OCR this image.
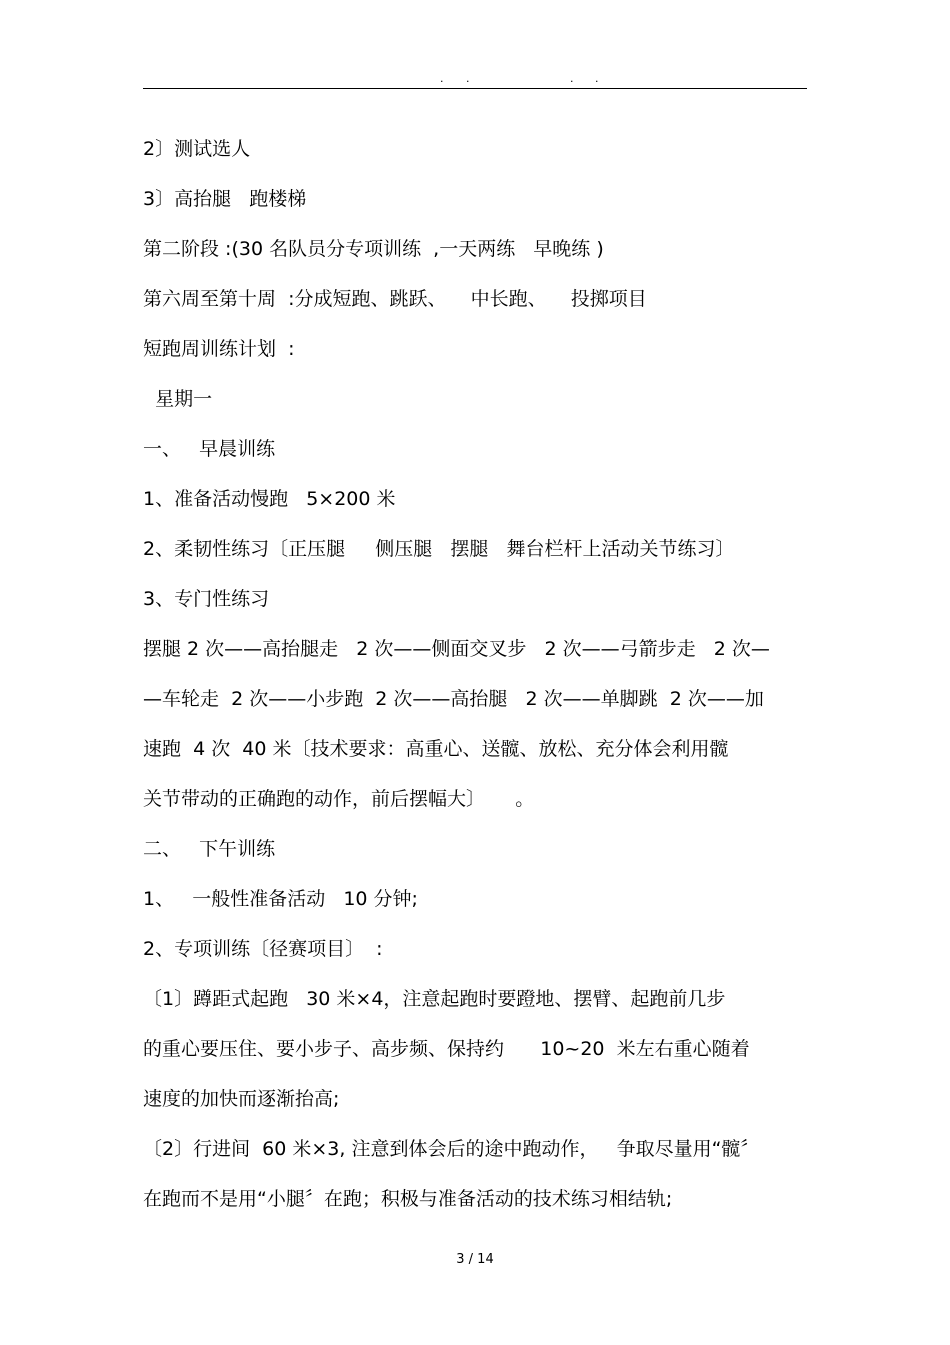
. .	. .
2〕测试选人
3〕高抬腿   跑楼梯
第二阶段 :(30 名队员分专项训练  ,一天两练   早晚练 )
第六周至第十周  :分成短跑、跳跃、    中长跑、    投掷项目
短跑周训练计划  :
星期一
一、   早晨训练
1、准备活动慢跑   5×200 米
2、柔韧性练习〔正压腿     侧压腿   摆腿   舞台栏杆上活动关节练习〕
3、专门性练习
摆腿 2 次——高抬腿走   2 次——侧面交叉步   2 次——弓箭步走   2 次—
—车轮走  2 次——小步跑  2 次——高抬腿   2 次——单脚跳  2 次——加
速跑  4 次  40 米〔技术要求：高重心、送髋、放松、充分体会利用髋
关节带动的正确跑的动作，前后摆幅大〕     。
二、   下午训练
1、   一般性准备活动   10 分钟;
2、专项训练〔径赛项目〕  :
〔1〕蹲距式起跑   30 米×4，注意起跑时要蹬地、摆臂、起跑前几步
的重心要压住、要小步子、高步频、保持约      10~20  米左右重心随着
速度的加快而逐渐抬高;
〔2〕行进间  60 米×3, 注意到体会后的途中跑动作，   争取尽量用“髋〞
在跑而不是用“小腿〞在跑；积极与准备活动的技术练习相结轨;
3 / 14
